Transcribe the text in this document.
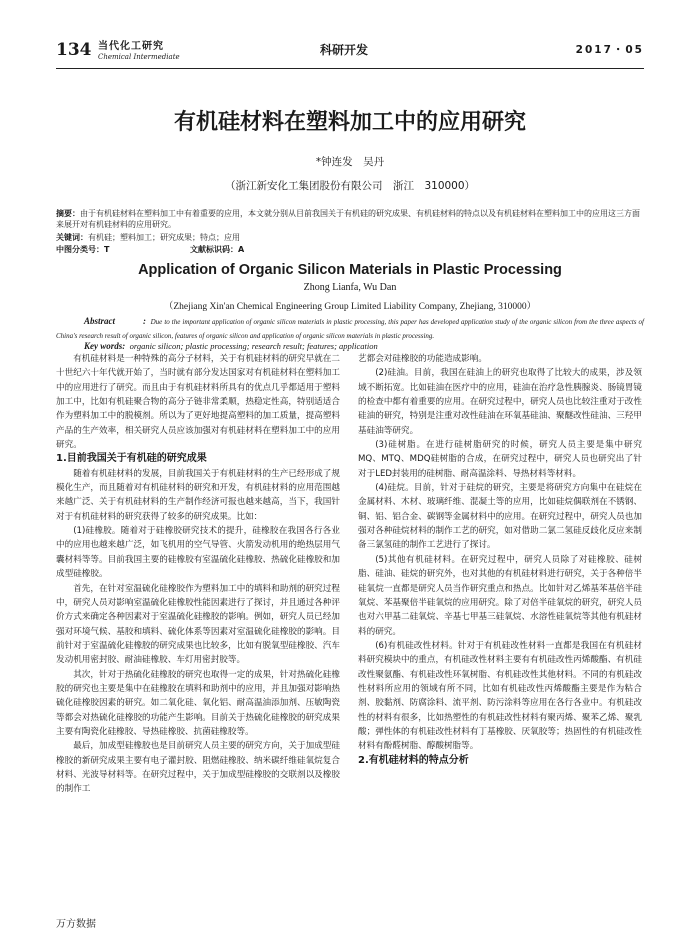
134 当代化工研究
Chemical Intermediate	科研开发	2017・05
有机硅材料在塑料加工中的应用研究
*钟连发　吴丹
（浙江新安化工集团股份有限公司　浙江　310000）
摘要：由于有机硅材料在塑料加工中有着重要的应用，本文就分别从目前我国关于有机硅的研究成果、有机硅材料的特点以及有机硅材料在塑料加工中的应用这三方面来展开对有机硅材料的应用研究。
关键词：有机硅；塑料加工；研究成果；特点；应用
中图分类号：T	文献标识码：A
Application of Organic Silicon Materials in Plastic Processing
Zhong Lianfa, Wu Dan
（Zhejiang Xin'an Chemical Engineering Group Limited Liability Company, Zhejiang, 310000）
Abstract	:  Due to the important application of organic silicon materials in plastic processing, this paper has developed application study of the organic silicon from the three aspects of China's research result of organic silicon, features of organic silicon and application of organic silicon materials in plastic processing.
Key words:  organic silicon; plastic processing; research result; features; application

有机硅材料是一种特殊的高分子材料，关于有机硅材料的研究早就在二十世纪六十年代就开始了，当时就有部分发达国家对有机硅材料在塑料加工中的应用进行了研究。而且由于有机硅材料所具有的优点几乎都适用于塑料加工中，比如有机硅聚合物的高分子链非常柔顺，热稳定性高，特别适适合作为塑料加工中的脱模剂。所以为了更好地提高塑料的加工质量，提高塑料产品的生产效率，相关研究人员应该加强对有机硅材料在塑料加工中的应用研究。

1.目前我国关于有机硅的研究成果

随着有机硅材料的发展，目前我国关于有机硅材料的生产已经形成了规模化生产，而且随着对有机硅材料的研究和开发，有机硅材料的应用范围越来越广泛、关于有机硅材料的生产制作经济可报也越来越高，当下，我国针对于有机硅材料的研究获得了较多的研究成果。比如：

(1)硅橡胶。随着对于硅橡胶研究技术的提升，硅橡胶在我国各行各业中的应用也越来越广泛，如飞机用的空气导管、火箭发动机用的绝热层用气囊材料等等。目前我国主要的硅橡胶有室温硫化硅橡胶、热硫化硅橡胶和加成型硅橡胶。

首先，在针对室温硫化硅橡胶作为塑料加工中的填料和助剂的研究过程中，研究人员对影响室温硫化硅橡胶性能因素进行了探讨，并且通过各种评价方式来确定各种因素对于室温硫化硅橡胶的影响。例如，研究人员已经加强对环境气候、基胶和填料、硫化体系等因素对室温硫化硅橡胶的影响。目前针对于室温硫化硅橡胶的研究成果也比较多，比如有脱氧型硅橡胶、汽车发动机用密封胶、耐油硅橡胶、车灯用密封胶等。

其次，针对于热硫化硅橡胶的研究也取得一定的成果，针对热硫化硅橡胶的研究也主要是集中在硅橡胶在填料和助剂中的应用，并且加强对影响热硫化硅橡胶因素的研究。如二氧化硅、氧化铝、耐高温油添加剂、压敏陶瓷等都会对热硫化硅橡胶的功能产生影响。目前关于热硫化硅橡胶的研究成果主要有陶瓷化硅橡胶、导热硅橡胶、抗菌硅橡胶等。

最后，加成型硅橡胶也是目前研究人员主要的研究方向，关于加成型硅橡胶的新研究成果主要有电子灌封胶、阻燃硅橡胶、纳米碳纤维硅氧烷复合材料、光波导材料等。在研究过程中，关于加成型硅橡胶的交联剂以及橡胶的制作工

艺都会对硅橡胶的功能造成影响。

(2)硅油。目前，我国在硅油上的研究也取得了比较大的成果，涉及领域不断拓宽。比如硅油在医疗中的应用，硅油在治疗急性胰腺炎、肠镜胃镜的检查中都有着重要的应用。在研究过程中，研究人员也比较注重对于改性硅油的研究，特别是注重对改性硅油在环氧基硅油、聚醚改性硅油、三羟甲基硅油等研究。

(3)硅树脂。在进行硅树脂研究的时候，研究人员主要是集中研究MQ、MTQ、MDQ硅树脂的合成，在研究过程中，研究人员也研究出了针对于LED封装用的硅树脂、耐高温涂料、导热材料等材料。

(4)硅烷。目前，针对于硅烷的研究，主要是将研究方向集中在硅烷在金属材料、木材、玻璃纤维、混凝土等的应用，比如硅烷偶联剂在不锈钢、铜、铝、铝合金、碳钢等金属材料中的应用。在研究过程中，研究人员也加强对各种硅烷材料的制作工艺的研究，如对借助二氯二氢硅反歧化反应来制备三氯氢硅的制作工艺进行了探讨。

(5)其他有机硅材料。在研究过程中，研究人员除了对硅橡胶、硅树脂、硅油、硅烷的研究外，也对其他的有机硅材料进行研究，关于各种倍半硅氧烷一直都是研究人员当作研究重点和热点。比如针对乙烯基苯基倍半硅氧烷、苯基聚倍半硅氧烷的应用研究。除了对倍半硅氧烷的研究，研究人员也对六甲基二硅氧烷、辛基七甲基三硅氧烷、水溶性硅氧烷等其他有机硅材料的研究。

(6)有机硅改性材料。针对于有机硅改性材料一直都是我国在有机硅材料研究模块中的重点，有机硅改性材料主要有有机硅改性丙烯酸酯、有机硅改性聚氨酯、有机硅改性环氧树脂、有机硅改性其他材料。不同的有机硅改性材料所应用的领域有所不同，比如有机硅改性丙烯酸酯主要是作为粘合剂、胶黏剂、防腐涂料、流平剂、防污涂料等应用在各行各业中。有机硅改性的材料有很多，比如热塑性的有机硅改性材料有聚丙烯、聚苯乙烯、聚乳酸；弹性体的有机硅改性材料有丁基橡胶、厌氧胶等；热固性的有机硅改性材料有酚醛树脂、醇酸树脂等。

2.有机硅材料的特点分析
万方数据
